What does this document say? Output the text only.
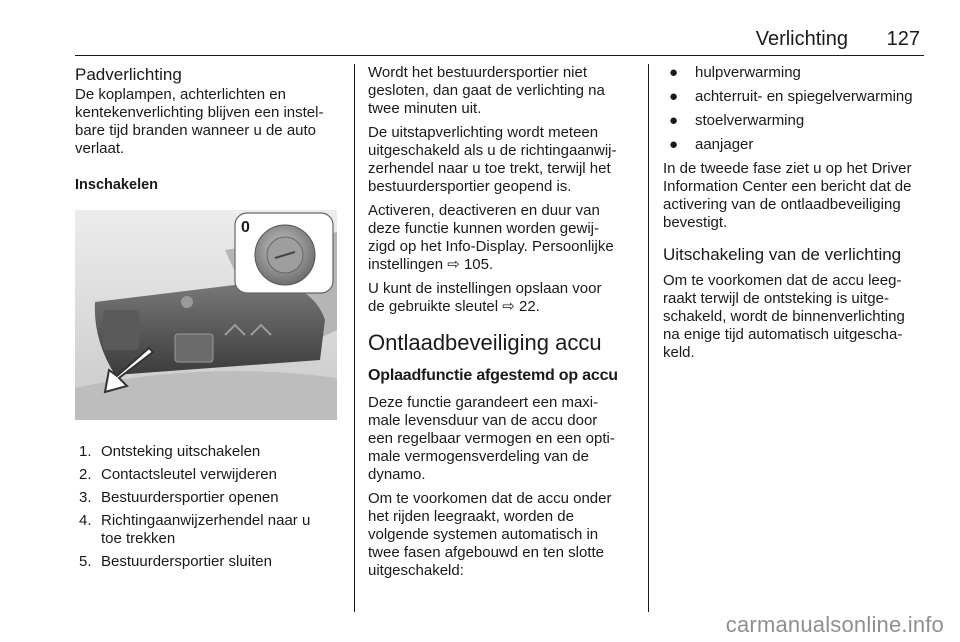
Verlichting 127
Padverlichting

De koplampen, achterlichten en
kentekenverlichting blijven een instel-
bare tijd branden wanneer u de auto
verlaat.

Inschakelen
0
1. Ontsteking uitschakelen
2. Contactsleutel verwijderen
3. Bestuurdersportier openen
4. Richtingaanwijzerhendel naar u
toe trekken
5. Bestuurdersportier sluiten

Wordt het bestuurdersportier niet
gesloten, dan gaat de verlichting na
twee minuten uit.

De uitstapverlichting wordt meteen
uitgeschakeld als u de richtingaanwij-
zerhendel naar u toe trekt, terwijl het
bestuurdersportier geopend is.

Activeren, deactiveren en duur van
deze functie kunnen worden gewij-
zigd op het Info-Display. Persoonlijke
instellingen ⇨ 105.

U kunt de instellingen opslaan voor
de gebruikte sleutel ⇨ 22.

Ontlaadbeveiliging accu
Oplaadfunctie afgestemd op accu

Deze functie garandeert een maxi-
male levensduur van de accu door
een regelbaar vermogen en een opti-
male vermogensverdeling van de
dynamo.

Om te voorkomen dat de accu onder
het rijden leegraakt, worden de
volgende systemen automatisch in
twee fasen afgebouwd en ten slotte
uitgeschakeld:

●	hulpverwarming
●	achterruit- en spiegelverwarming
●	stoelverwarming
●	aanjager

In de tweede fase ziet u op het Driver
Information Center een bericht dat de
activering van de ontlaadbeveiliging
bevestigt.

Uitschakeling van de verlichting

Om te voorkomen dat de accu leeg-
raakt terwijl de ontsteking is uitge-
schakeld, wordt de binnenverlichting
na enige tijd automatisch uitgescha-
keld.

carmanualsonline.info
